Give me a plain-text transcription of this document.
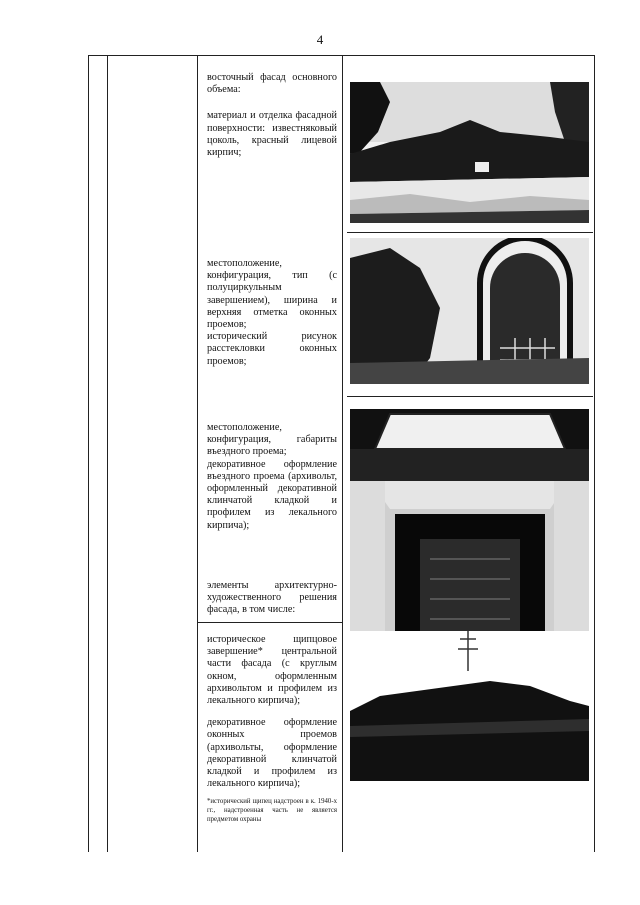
4

восточный фасад основного объема:

материал и отделка фасадной поверхности: известняковый цоколь, красный лицевой кирпич;

местоположение, конфигурация, тип (с полуциркульным завершением), ширина и верхняя отметка оконных проемов;

исторический рисунок расстекловки оконных проемов;

местоположение, конфигурация, габариты въездного проема;

декоративное оформление въездного проема (архивольт, оформленный декоративной клинчатой кладкой и профилем из лекального кирпича);

элементы архитектурно-художественного решения фасада, в том числе:

историческое щипцовое завершение* центральной части фасада (с круглым окном, оформленным архивольтом и профилем из лекального кирпича);

декоративное оформление оконных проемов (архивольты, оформление декоративной клинчатой кладкой и профилем из лекального кирпича);

*исторический щипец надстроен в к. 1940-х гг., надстроенная часть не является предметом охраны
